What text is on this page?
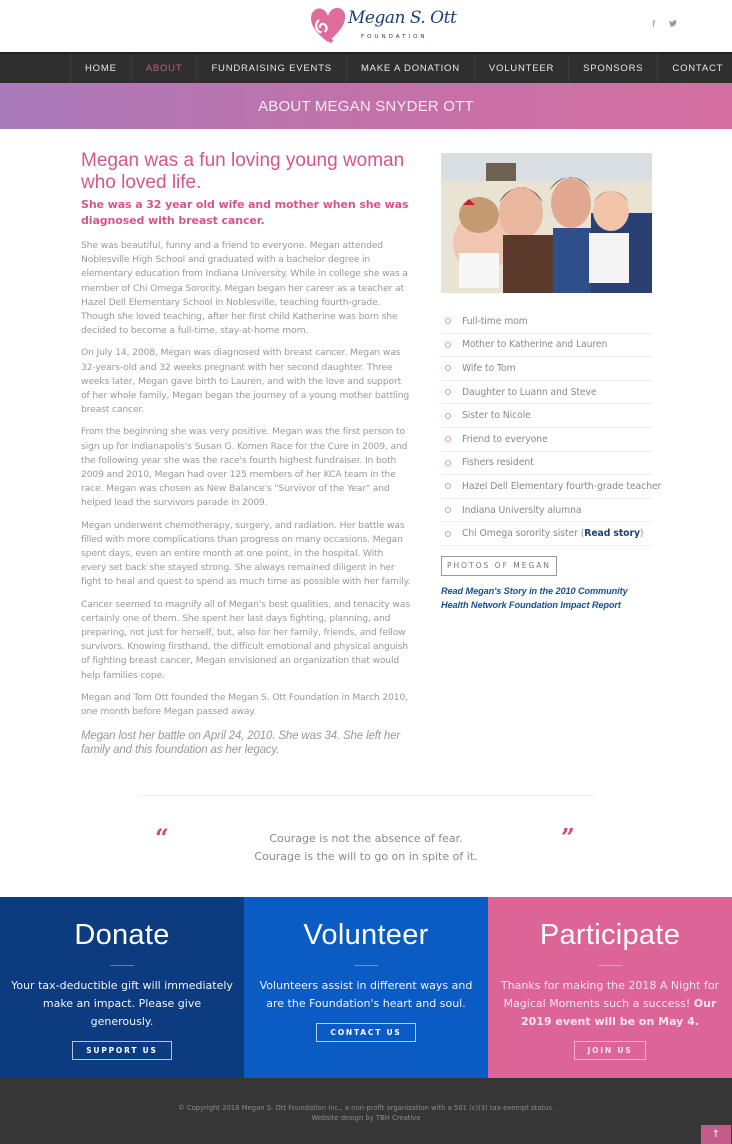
Megan S. Ott
FOUNDATION
f
HOME	ABOUT	FUNDRAISING EVENTS	MAKE A DONATION	VOLUNTEER	SPONSORS	CONTACT
ABOUT MEGAN SNYDER OTT
Megan was a fun loving young woman who loved life.
She was a 32 year old wife and mother when she was diagnosed with breast cancer.

She was beautiful, funny and a friend to everyone. Megan attended Noblesville High School and graduated with a bachelor degree in elementary education from Indiana University. While in college she was a member of Chi Omega Sorority. Megan began her career as a teacher at Hazel Dell Elementary School in Noblesville, teaching fourth-grade. Though she loved teaching, after her first child Katherine was born she decided to become a full-time, stay-at-home mom.

On July 14, 2008, Megan was diagnosed with breast cancer. Megan was 32-years-old and 32 weeks pregnant with her second daughter. Three weeks later, Megan gave birth to Lauren, and with the love and support of her whole family, Megan began the journey of a young mother battling breast cancer.

From the beginning she was very positive. Megan was the first person to sign up for Indianapolis's Susan G. Komen Race for the Cure in 2009, and the following year she was the race's fourth highest fundraiser. In both 2009 and 2010, Megan had over 125 members of her KCA team in the race. Megan was chosen as New Balance's "Survivor of the Year" and helped lead the survivors parade in 2009.

Megan underwent chemotherapy, surgery, and radiation. Her battle was filled with more complications than progress on many occasions. Megan spent days, even an entire month at one point, in the hospital. With every set back she stayed strong. She always remained diligent in her fight to heal and quest to spend as much time as possible with her family.

Cancer seemed to magnify all of Megan's best qualities, and tenacity was certainly one of them. She spent her last days fighting, planning, and preparing, not just for herself, but, also for her family, friends, and fellow survivors. Knowing firsthand, the difficult emotional and physical anguish of fighting breast cancer, Megan envisioned an organization that would help families cope.

Megan and Tom Ott founded the Megan S. Ott Foundation in March 2010, one month before Megan passed away.

Megan lost her battle on April 24, 2010. She was 34. She left her family and this foundation as her legacy.

Full-time mom
Mother to Katherine and Lauren
Wife to Tom
Daughter to Luann and Steve
Sister to Nicole
Friend to everyone
Fishers resident
Hazel Dell Elementary fourth-grade teacher
Indiana University alumna
Chi Omega sorority sister ( Read story )
PHOTOS OF MEGAN
Read Megan's Story in the 2010 Community Health Network Foundation Impact Report
“	Courage is not the absence of fear.
Courage is the will to go on in spite of it.
”
Donate

Your tax-deductible gift will immediately make an impact. Please give generously.

SUPPORT US
Volunteer

Volunteers assist in different ways and are the Foundation's heart and soul.

CONTACT US
Participate

Thanks for making the 2018 A Night for Magical Moments such a success! Our 2019 event will be on May 4.

JOIN US
© Copyright 2018 Megan S. Ott Foundation Inc., a non-profit organization with a 501 (c)(3) tax-exempt status.
Website design by TBH Creative
↑
